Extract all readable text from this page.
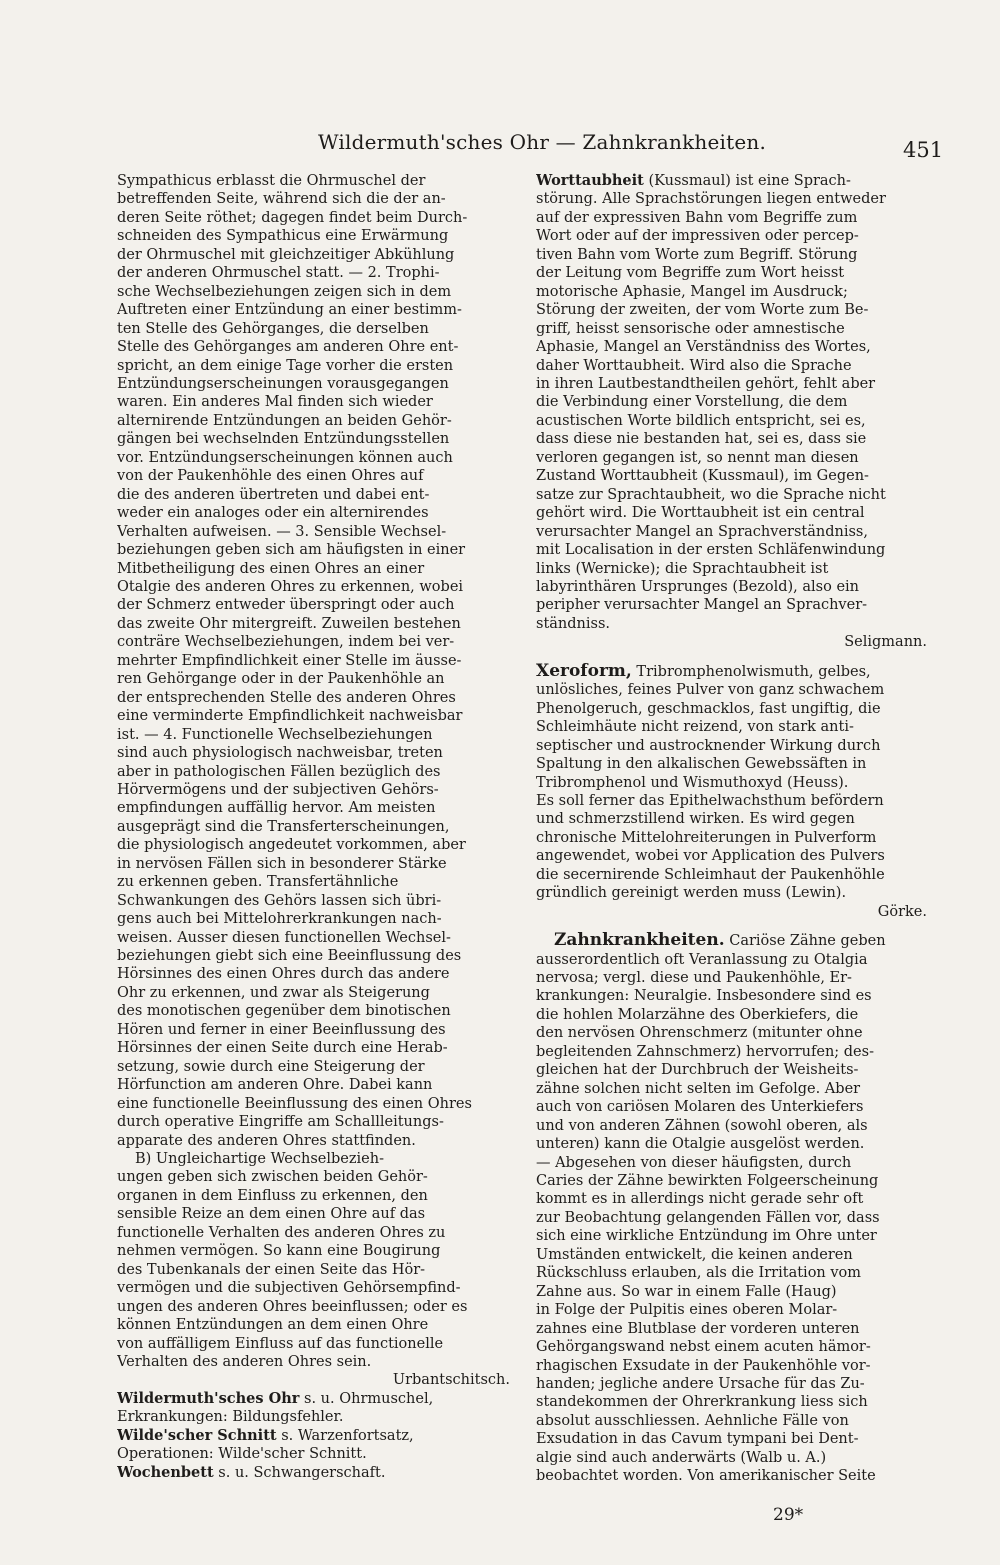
Wildermuth'sches Ohr — Zahnkrankheiten.	451
Sympathicus erblasst die Ohrmuschel der
betreffenden Seite, während sich die der an-
deren Seite röthet; dagegen findet beim Durch-
schneiden des Sympathicus eine Erwärmung
der Ohrmuschel mit gleichzeitiger Abkühlung
der anderen Ohrmuschel statt. — 2. Trophi-
sche Wechselbeziehungen zeigen sich in dem
Auftreten einer Entzündung an einer bestimm-
ten Stelle des Gehörganges, die derselben
Stelle des Gehörganges am anderen Ohre ent-
spricht, an dem einige Tage vorher die ersten
Entzündungserscheinungen vorausgegangen
waren. Ein anderes Mal finden sich wieder
alternirende Entzündungen an beiden Gehör-
gängen bei wechselnden Entzündungsstellen
vor. Entzündungserscheinungen können auch
von der Paukenhöhle des einen Ohres auf
die des anderen übertreten und dabei ent-
weder ein analoges oder ein alternirendes
Verhalten aufweisen. — 3. Sensible Wechsel-
beziehungen geben sich am häufigsten in einer
Mitbetheiligung des einen Ohres an einer
Otalgie des anderen Ohres zu erkennen, wobei
der Schmerz entweder überspringt oder auch
das zweite Ohr mitergreift. Zuweilen bestehen
conträre Wechselbeziehungen, indem bei ver-
mehrter Empfindlichkeit einer Stelle im äusse-
ren Gehörgange oder in der Paukenhöhle an
der entsprechenden Stelle des anderen Ohres
eine verminderte Empfindlichkeit nachweisbar
ist. — 4. Functionelle Wechselbeziehungen
sind auch physiologisch nachweisbar, treten
aber in pathologischen Fällen bezüglich des
Hörvermögens und der subjectiven Gehörs-
empfindungen auffällig hervor. Am meisten
ausgeprägt sind die Transferterscheinungen,
die physiologisch angedeutet vorkommen, aber
in nervösen Fällen sich in besonderer Stärke
zu erkennen geben. Transfertähnliche
Schwankungen des Gehörs lassen sich übri-
gens auch bei Mittelohrerkrankungen nach-
weisen. Ausser diesen functionellen Wechsel-
beziehungen giebt sich eine Beeinflussung des
Hörsinnes des einen Ohres durch das andere
Ohr zu erkennen, und zwar als Steigerung
des monotischen gegenüber dem binotischen
Hören und ferner in einer Beeinflussung des
Hörsinnes der einen Seite durch eine Herab-
setzung, sowie durch eine Steigerung der
Hörfunction am anderen Ohre. Dabei kann
eine functionelle Beeinflussung des einen Ohres
durch operative Eingriffe am Schallleitungs-
apparate des anderen Ohres stattfinden.
B) Ungleichartige Wechselbezieh-
ungen geben sich zwischen beiden Gehör-
organen in dem Einfluss zu erkennen, den
sensible Reize an dem einen Ohre auf das
functionelle Verhalten des anderen Ohres zu
nehmen vermögen. So kann eine Bougirung
des Tubenkanals der einen Seite das Hör-
vermögen und die subjectiven Gehörsempfind-
ungen des anderen Ohres beeinflussen; oder es
können Entzündungen an dem einen Ohre
von auffälligem Einfluss auf das functionelle
Verhalten des anderen Ohres sein.
Urbantschitsch.
Wildermuth'sches Ohr s. u. Ohrmuschel,
Erkrankungen: Bildungsfehler.
Wilde'scher Schnitt s. Warzenfortsatz,
Operationen: Wilde'scher Schnitt.
Wochenbett s. u. Schwangerschaft.
Worttaubheit (Kussmaul) ist eine Sprach-
störung. Alle Sprachstörungen liegen entweder
auf der expressiven Bahn vom Begriffe zum
Wort oder auf der impressiven oder percep-
tiven Bahn vom Worte zum Begriff. Störung
der Leitung vom Begriffe zum Wort heisst
motorische Aphasie, Mangel im Ausdruck;
Störung der zweiten, der vom Worte zum Be-
griff, heisst sensorische oder amnestische
Aphasie, Mangel an Verständniss des Wortes,
daher Worttaubheit. Wird also die Sprache
in ihren Lautbestandtheilen gehört, fehlt aber
die Verbindung einer Vorstellung, die dem
acustischen Worte bildlich entspricht, sei es,
dass diese nie bestanden hat, sei es, dass sie
verloren gegangen ist, so nennt man diesen
Zustand Worttaubheit (Kussmaul), im Gegen-
satze zur Sprachtaubheit, wo die Sprache nicht
gehört wird. Die Worttaubheit ist ein central
verursachter Mangel an Sprachverständniss,
mit Localisation in der ersten Schläfenwindung
links (Wernicke); die Sprachtaubheit ist
labyrinthären Ursprunges (Bezold), also ein
peripher verursachter Mangel an Sprachver-
ständniss.
Seligmann.
Xeroform, Tribromphenolwismuth, gelbes,
unlösliches, feines Pulver von ganz schwachem
Phenolgeruch, geschmacklos, fast ungiftig, die
Schleimhäute nicht reizend, von stark anti-
septischer und austrocknender Wirkung durch
Spaltung in den alkalischen Gewebssäften in
Tribromphenol und Wismuthoxyd (Heuss).
Es soll ferner das Epithelwachsthum befördern
und schmerzstillend wirken. Es wird gegen
chronische Mittelohreiterungen in Pulverform
angewendet, wobei vor Application des Pulvers
die secernirende Schleimhaut der Paukenhöhle
gründlich gereinigt werden muss (Lewin).
Görke.
Zahnkrankheiten. Cariöse Zähne geben
ausserordentlich oft Veranlassung zu Otalgia
nervosa; vergl. diese und Paukenhöhle, Er-
krankungen: Neuralgie. Insbesondere sind es
die hohlen Molarzähne des Oberkiefers, die
den nervösen Ohrenschmerz (mitunter ohne
begleitenden Zahnschmerz) hervorrufen; des-
gleichen hat der Durchbruch der Weisheits-
zähne solchen nicht selten im Gefolge. Aber
auch von cariösen Molaren des Unterkiefers
und von anderen Zähnen (sowohl oberen, als
unteren) kann die Otalgie ausgelöst werden.
— Abgesehen von dieser häufigsten, durch
Caries der Zähne bewirkten Folgeerscheinung
kommt es in allerdings nicht gerade sehr oft
zur Beobachtung gelangenden Fällen vor, dass
sich eine wirkliche Entzündung im Ohre unter
Umständen entwickelt, die keinen anderen
Rückschluss erlauben, als die Irritation vom
Zahne aus. So war in einem Falle (Haug)
in Folge der Pulpitis eines oberen Molar-
zahnes eine Blutblase der vorderen unteren
Gehörgangswand nebst einem acuten hämor-
rhagischen Exsudate in der Paukenhöhle vor-
handen; jegliche andere Ursache für das Zu-
standekommen der Ohrerkrankung liess sich
absolut ausschliessen. Aehnliche Fälle von
Exsudation in das Cavum tympani bei Dent-
algie sind auch anderwärts (Walb u. A.)
beobachtet worden. Von amerikanischer Seite
29*
